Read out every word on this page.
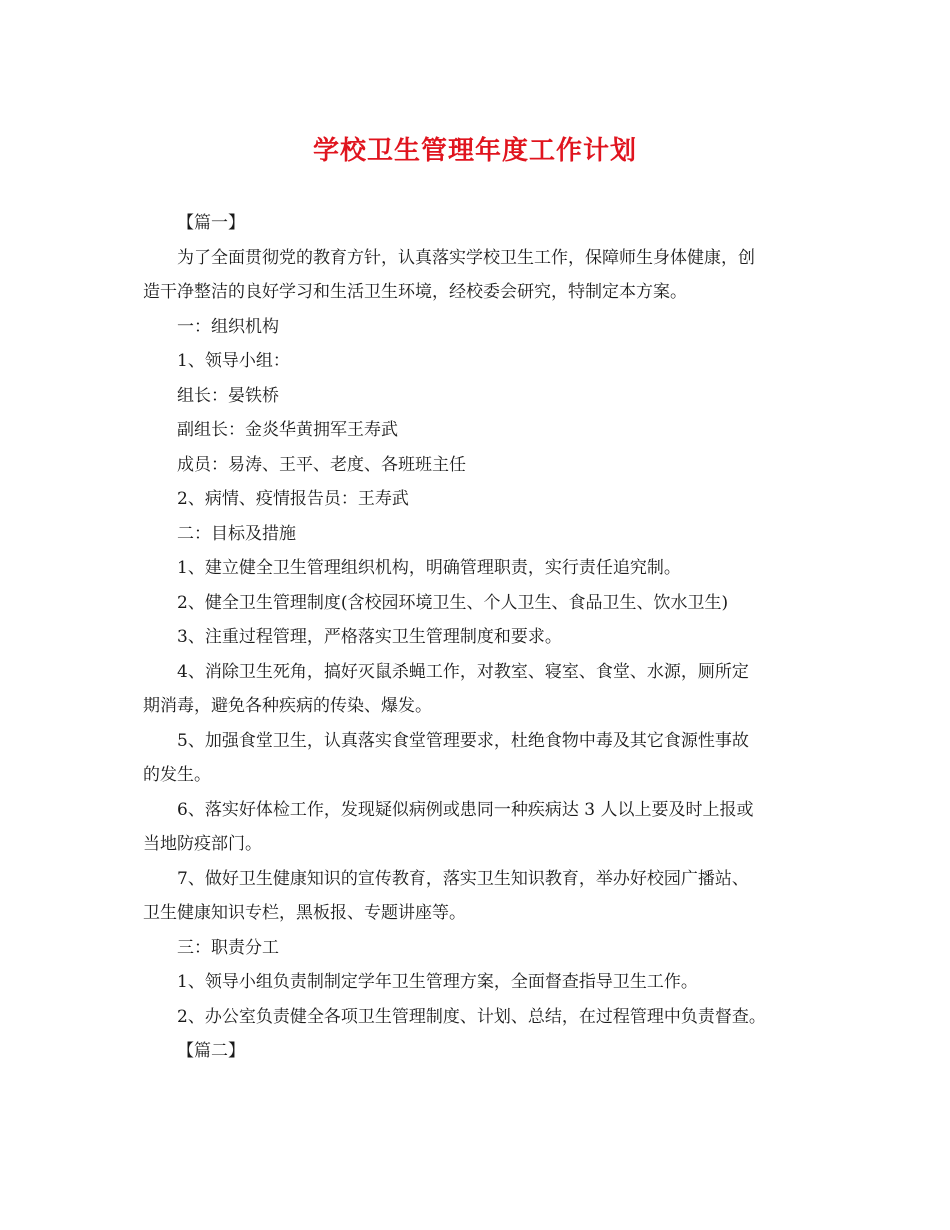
学校卫生管理年度工作计划

【篇一】

为了全面贯彻党的教育方针，认真落实学校卫生工作，保障师生身体健康，创

造干净整洁的良好学习和生活卫生环境，经校委会研究，特制定本方案。

一：组织机构

1、领导小组：

组长：晏铁桥

副组长：金炎华黄拥军王寿武

成员：易涛、王平、老度、各班班主任

2、病情、疫情报告员：王寿武

二：目标及措施

1、建立健全卫生管理组织机构，明确管理职责，实行责任追究制。

2、健全卫生管理制度(含校园环境卫生、个人卫生、食品卫生、饮水卫生)

3、注重过程管理，严格落实卫生管理制度和要求。

4、消除卫生死角，搞好灭鼠杀蝇工作，对教室、寝室、食堂、水源，厕所定

期消毒，避免各种疾病的传染、爆发。

5、加强食堂卫生，认真落实食堂管理要求，杜绝食物中毒及其它食源性事故

的发生。

6、落实好体检工作，发现疑似病例或患同一种疾病达 3 人以上要及时上报或

当地防疫部门。

7、做好卫生健康知识的宣传教育，落实卫生知识教育，举办好校园广播站、

卫生健康知识专栏，黑板报、专题讲座等。

三：职责分工

1、领导小组负责制制定学年卫生管理方案，全面督查指导卫生工作。

2、办公室负责健全各项卫生管理制度、计划、总结，在过程管理中负责督查。

【篇二】
